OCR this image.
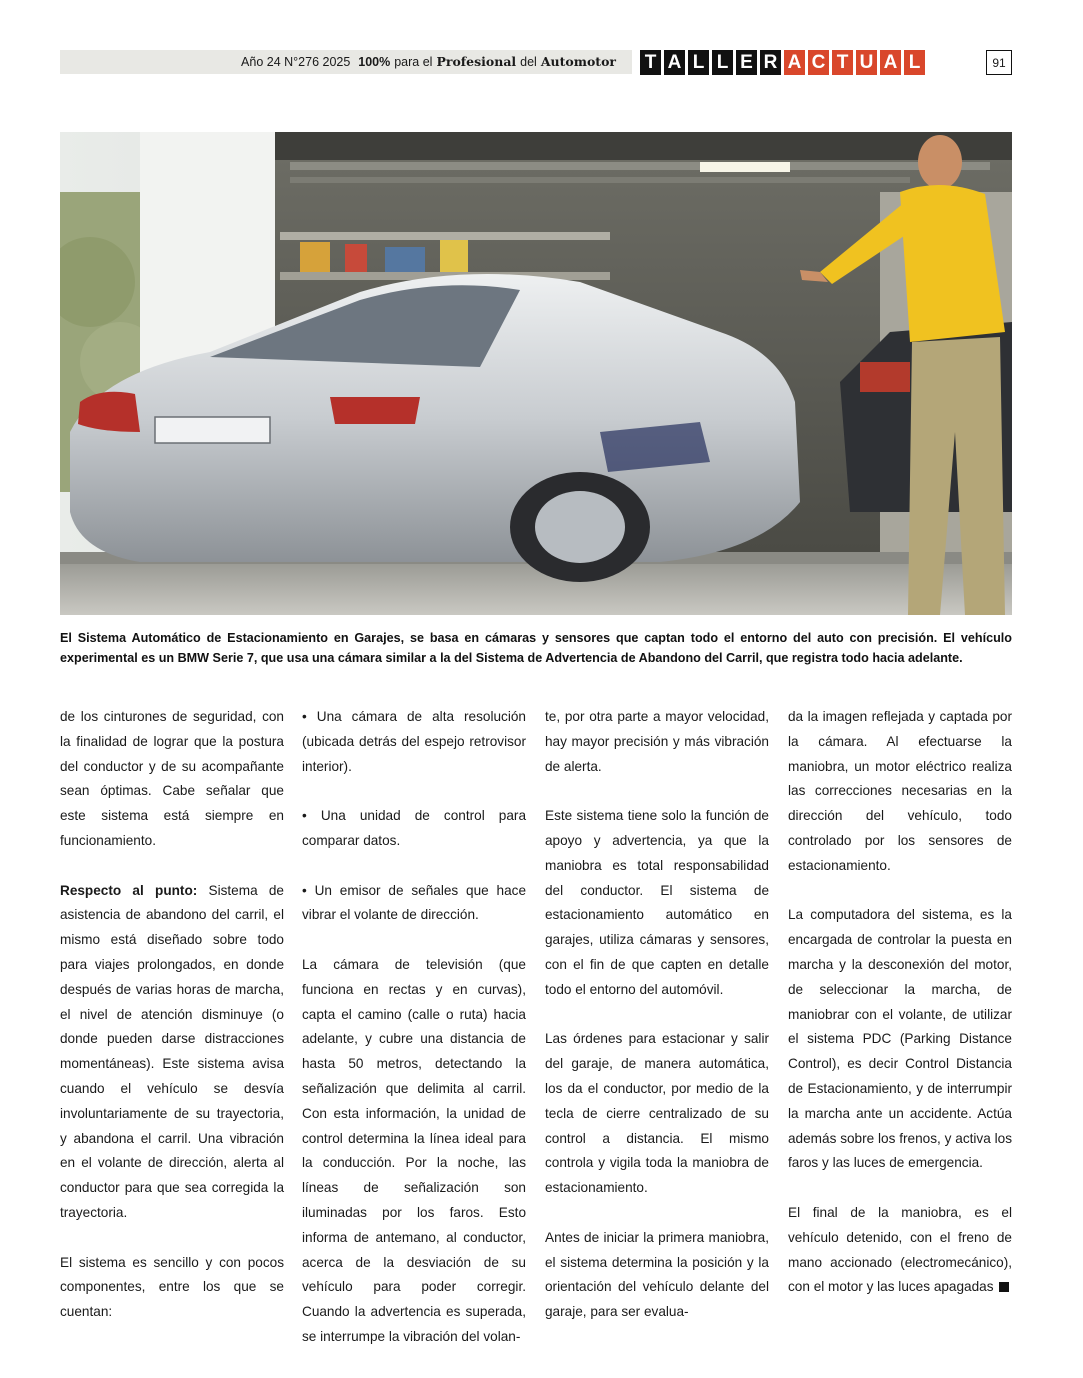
Año 24 N°276 2025 100% para el Profesional del Automotor T A L L E R A C T U A L	91
El Sistema Automático de Estacionamiento en Garajes, se basa en cámaras y sensores que captan todo el entorno del auto con precisión. El vehículo experimental es un BMW Serie 7, que usa una cámara similar a la del Sistema de Advertencia de Abandono del Carril, que registra todo hacia adelante.

de los cinturones de seguridad, con la finalidad de lograr que la postura del conductor y de su acompañante sean óptimas. Cabe señalar que este sistema está siempre en funcionamiento.

Respecto al punto: Sistema de asistencia de abandono del carril, el mismo está diseñado sobre todo para viajes prolongados, en donde después de varias horas de marcha, el nivel de atención disminuye (o donde pueden darse distracciones momentáneas). Este sistema avisa cuando el vehículo se desvía involuntariamente de su trayectoria, y abandona el carril. Una vibración en el volante de dirección, alerta al conductor para que sea corregida la trayectoria.

El sistema es sencillo y con pocos componentes, entre los que se cuentan:

• Una cámara de alta resolución (ubicada detrás del espejo retrovisor interior).

• Una unidad de control para comparar datos.

• Un emisor de señales que hace vibrar el volante de dirección.

La cámara de televisión (que funciona en rectas y en curvas), capta el camino (calle o ruta) hacia adelante, y cubre una distancia de hasta 50 metros, detectando la señalización que delimita al carril. Con esta información, la unidad de control determina la línea ideal para la conducción. Por la noche, las líneas de señalización son iluminadas por los faros. Esto informa de antemano, al conductor, acerca de la desviación de su vehículo para poder corregir. Cuando la advertencia es superada, se interrumpe la vibración del volan-

te, por otra parte a mayor velocidad, hay mayor precisión y más vibración de alerta.

Este sistema tiene solo la función de apoyo y advertencia, ya que la maniobra es total responsabilidad del conductor. El sistema de estacionamiento automático en garajes, utiliza cámaras y sensores, con el fin de que capten en detalle todo el entorno del automóvil.

Las órdenes para estacionar y salir del garaje, de manera automática, los da el conductor, por medio de la tecla de cierre centralizado de su control a distancia. El mismo controla y vigila toda la maniobra de estacionamiento.

Antes de iniciar la primera maniobra, el sistema determina la posición y la orientación del vehículo delante del garaje, para ser evalua-

da la imagen reflejada y captada por la cámara. Al efectuarse la maniobra, un motor eléctrico realiza las correcciones necesarias en la dirección del vehículo, todo controlado por los sensores de estacionamiento.

La computadora del sistema, es la encargada de controlar la puesta en marcha y la desconexión del motor, de seleccionar la marcha, de maniobrar con el volante, de utilizar el sistema PDC (Parking Distance Control), es decir Control Distancia de Estacionamiento, y de interrumpir la marcha ante un accidente. Actúa además sobre los frenos, y activa los faros y las luces de emergencia.

El final de la maniobra, es el vehículo detenido, con el freno de mano accionado (electromecánico), con el motor y las luces apagadas
